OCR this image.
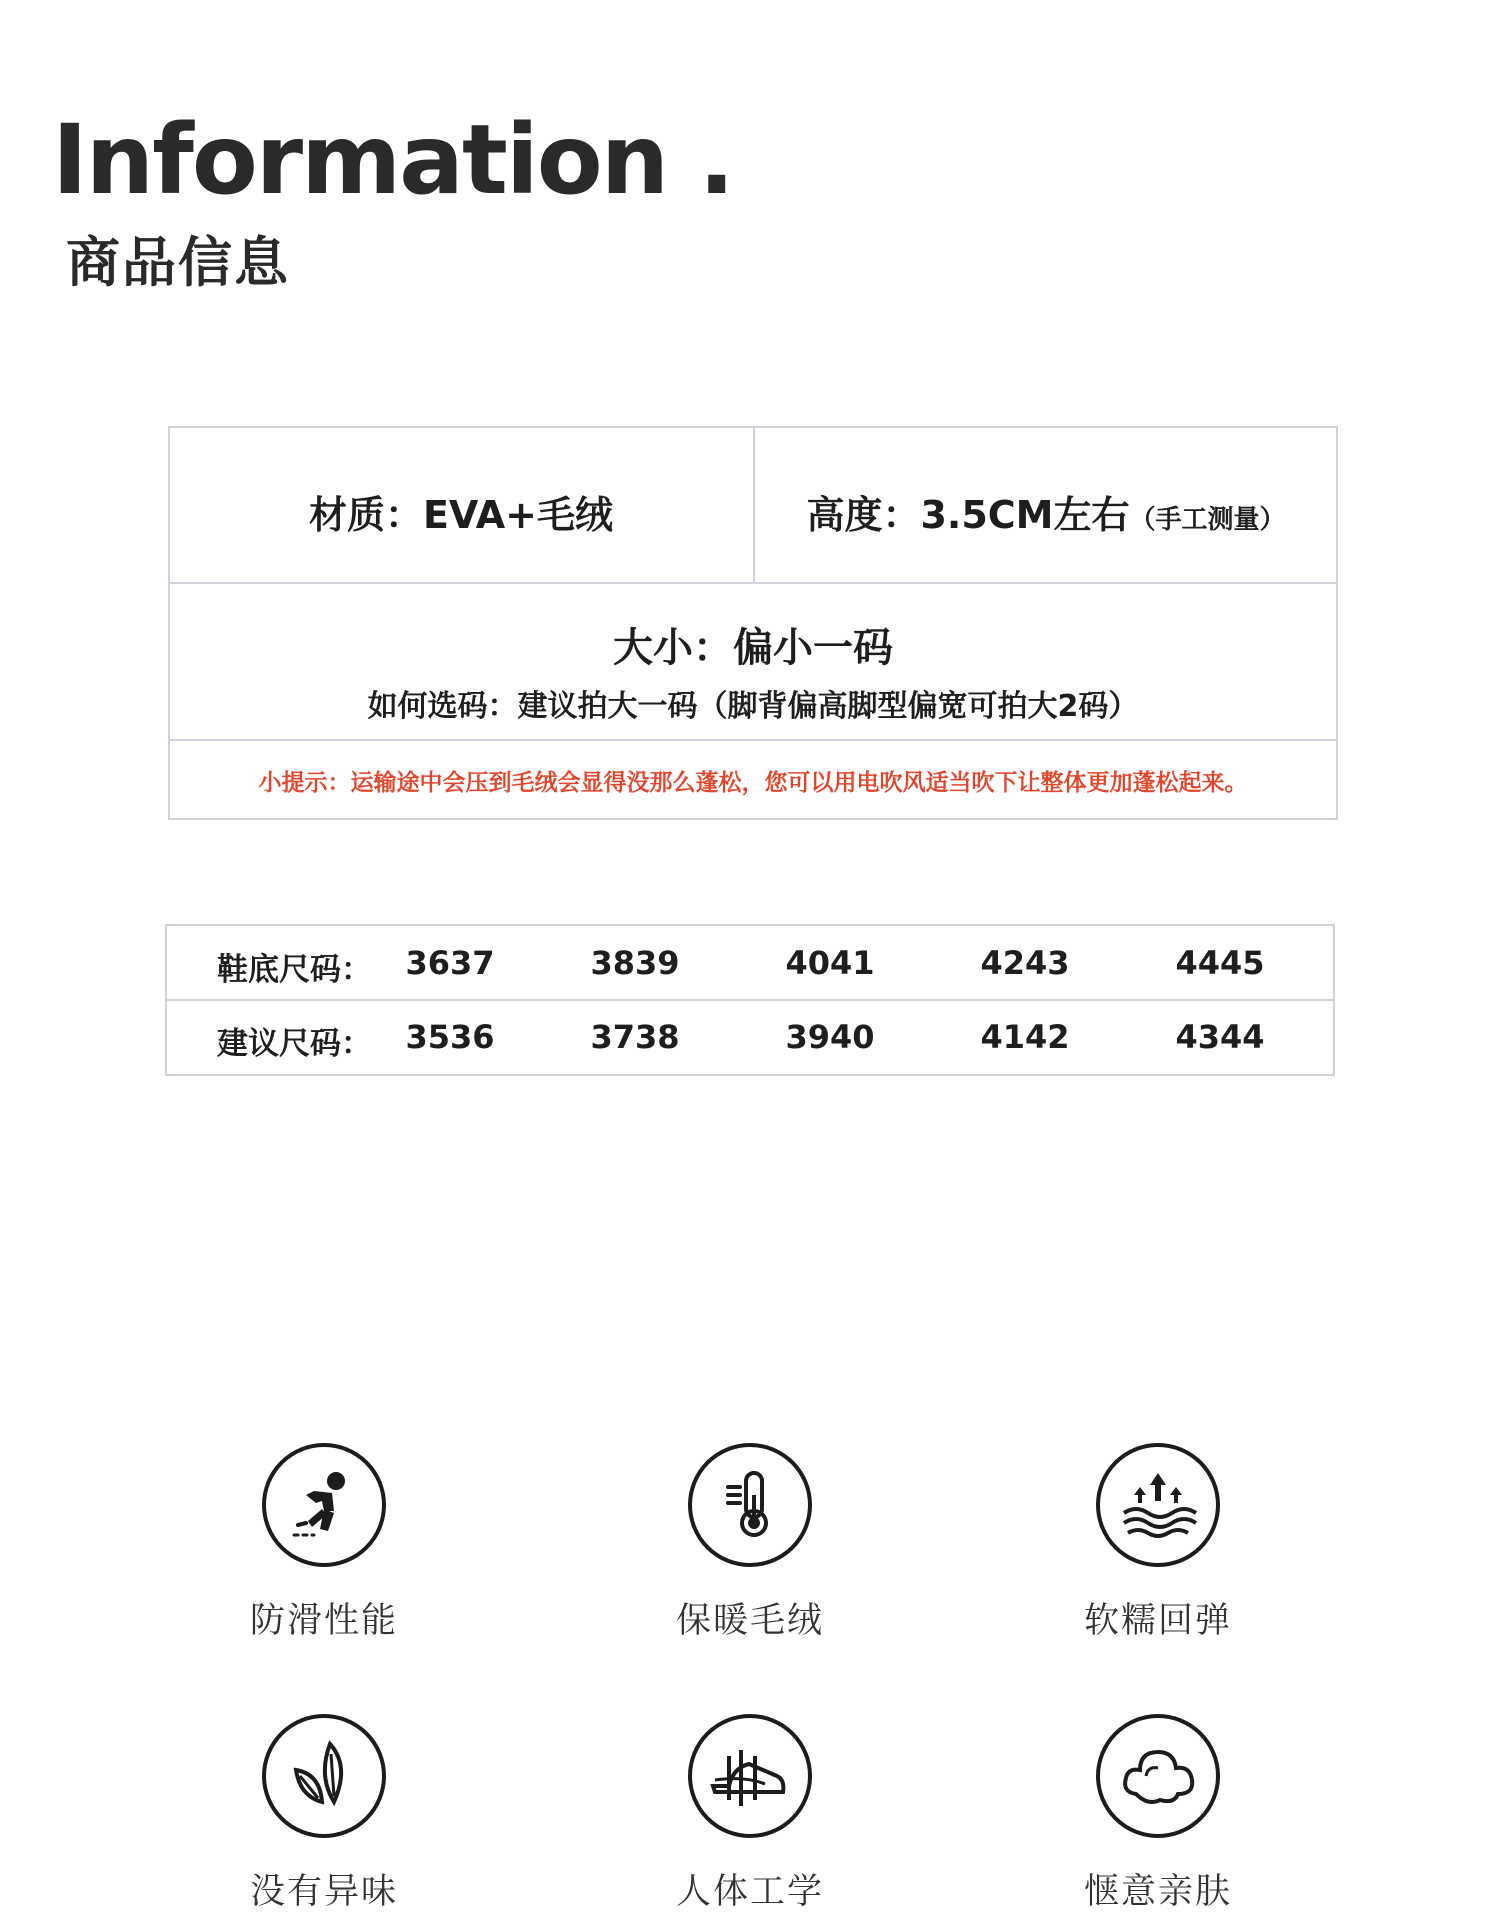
Information .
商品信息
材质：EVA+毛绒	高度：3.5CM左右（手工测量）
大小：偏小一码
如何选码：建议拍大一码（脚背偏高脚型偏宽可拍大2码）
小提示：运输途中会压到毛绒会显得没那么蓬松，您可以用电吹风适当吹下让整体更加蓬松起来。
鞋底尺码：	3637	3839	4041	4243	4445
建议尺码：	3536	3738	3940	4142	4344
防滑性能	保暖毛绒	软糯回弹
没有异味	人体工学	惬意亲肤
